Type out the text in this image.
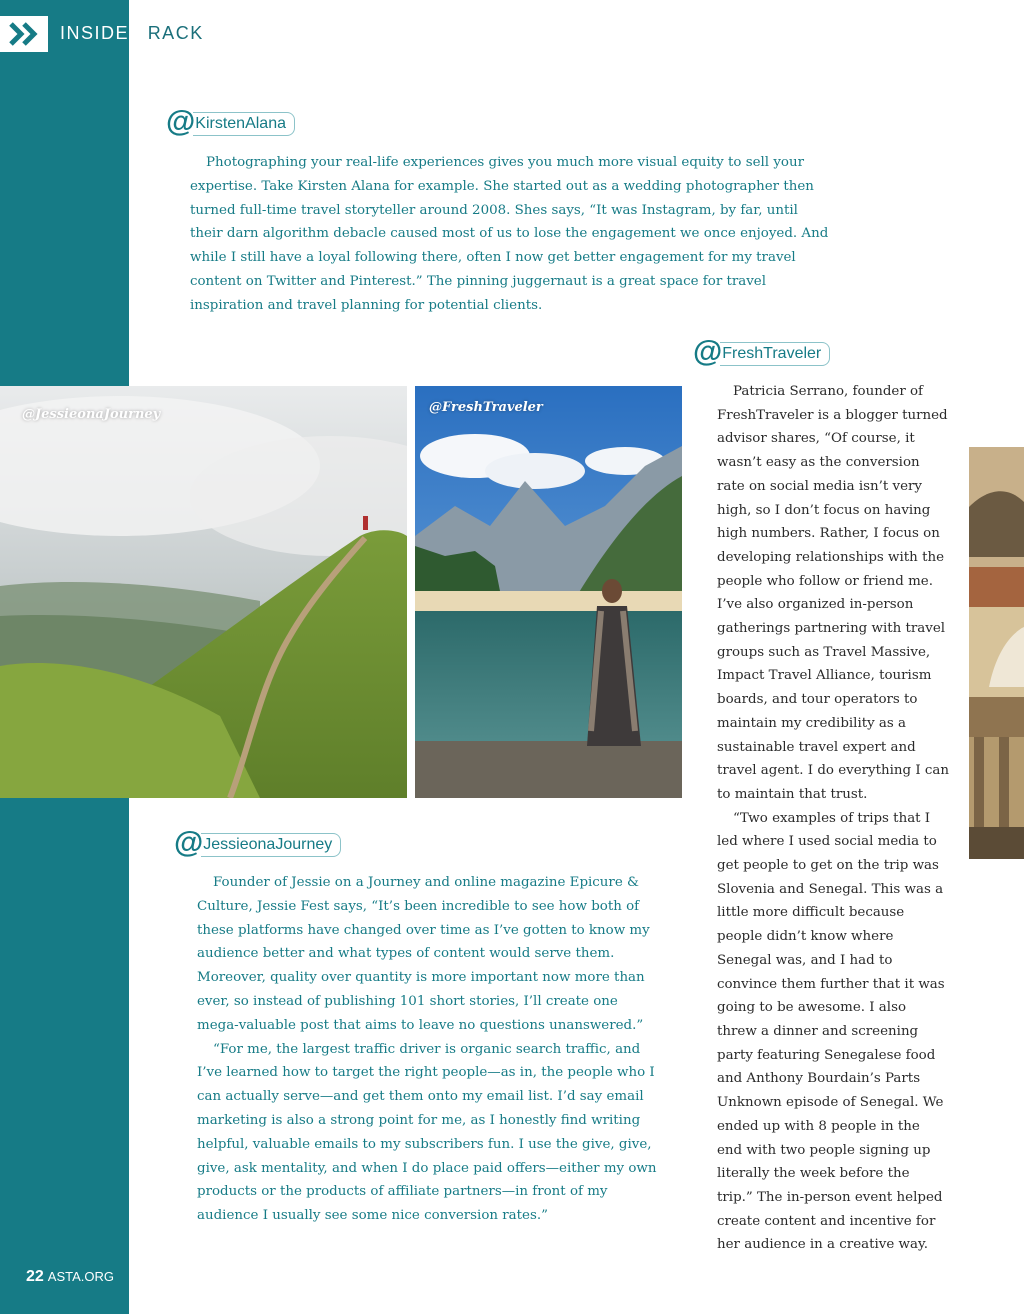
INSIDE TRACK
@ KirstenAlana

Photographing your real-life experiences gives you much more visual equity to sell your expertise. Take Kirsten Alana for example. She started out as a wedding photographer then turned full-time travel storyteller around 2008. Shes says, “It was Instagram, by far, until their darn algorithm debacle caused most of us to lose the engagement we once enjoyed. And while I still have a loyal following there, often I now get better engagement for my travel content on Twitter and Pinterest.” The pinning juggernaut is a great space for travel inspiration and travel planning for potential clients.

@JessieonaJourney	@FreshTraveler
@ FreshTraveler

Patricia Serrano, founder of FreshTraveler is a blogger turned advisor shares, “Of course, it wasn’t easy as the conversion rate on social media isn’t very high, so I don’t focus on having high numbers. Rather, I focus on developing relationships with the people who follow or friend me. I’ve also organized in-person gatherings partnering with travel groups such as Travel Massive, Impact Travel Alliance, tourism boards, and tour operators to maintain my credibility as a sustainable travel expert and travel agent. I do everything I can to maintain that trust.

“Two examples of trips that I led where I used social media to get people to get on the trip was Slovenia and Senegal. This was a little more difficult because people didn’t know where Senegal was, and I had to convince them further that it was going to be awesome. I also threw a dinner and screening party featuring Senegalese food and Anthony Bourdain’s Parts Unknown episode of Senegal. We ended up with 8 people in the end with two people signing up literally the week before the trip.” The in-person event helped create content and incentive for her audience in a creative way.

@ JessieonaJourney

Founder of Jessie on a Journey and online magazine Epicure & Culture, Jessie Fest says, “It’s been incredible to see how both of these platforms have changed over time as I’ve gotten to know my audience better and what types of content would serve them. Moreover, quality over quantity is more important now more than ever, so instead of publishing 101 short stories, I’ll create one mega-valuable post that aims to leave no questions unanswered.”

“For me, the largest traffic driver is organic search traffic, and I’ve learned how to target the right people—as in, the people who I can actually serve—and get them onto my email list. I’d say email marketing is also a strong point for me, as I honestly find writing helpful, valuable emails to my subscribers fun. I use the give, give, give, ask mentality, and when I do place paid offers—either my own products or the products of affiliate partners—in front of my audience I usually see some nice conversion rates.”

22 ASTA.ORG
